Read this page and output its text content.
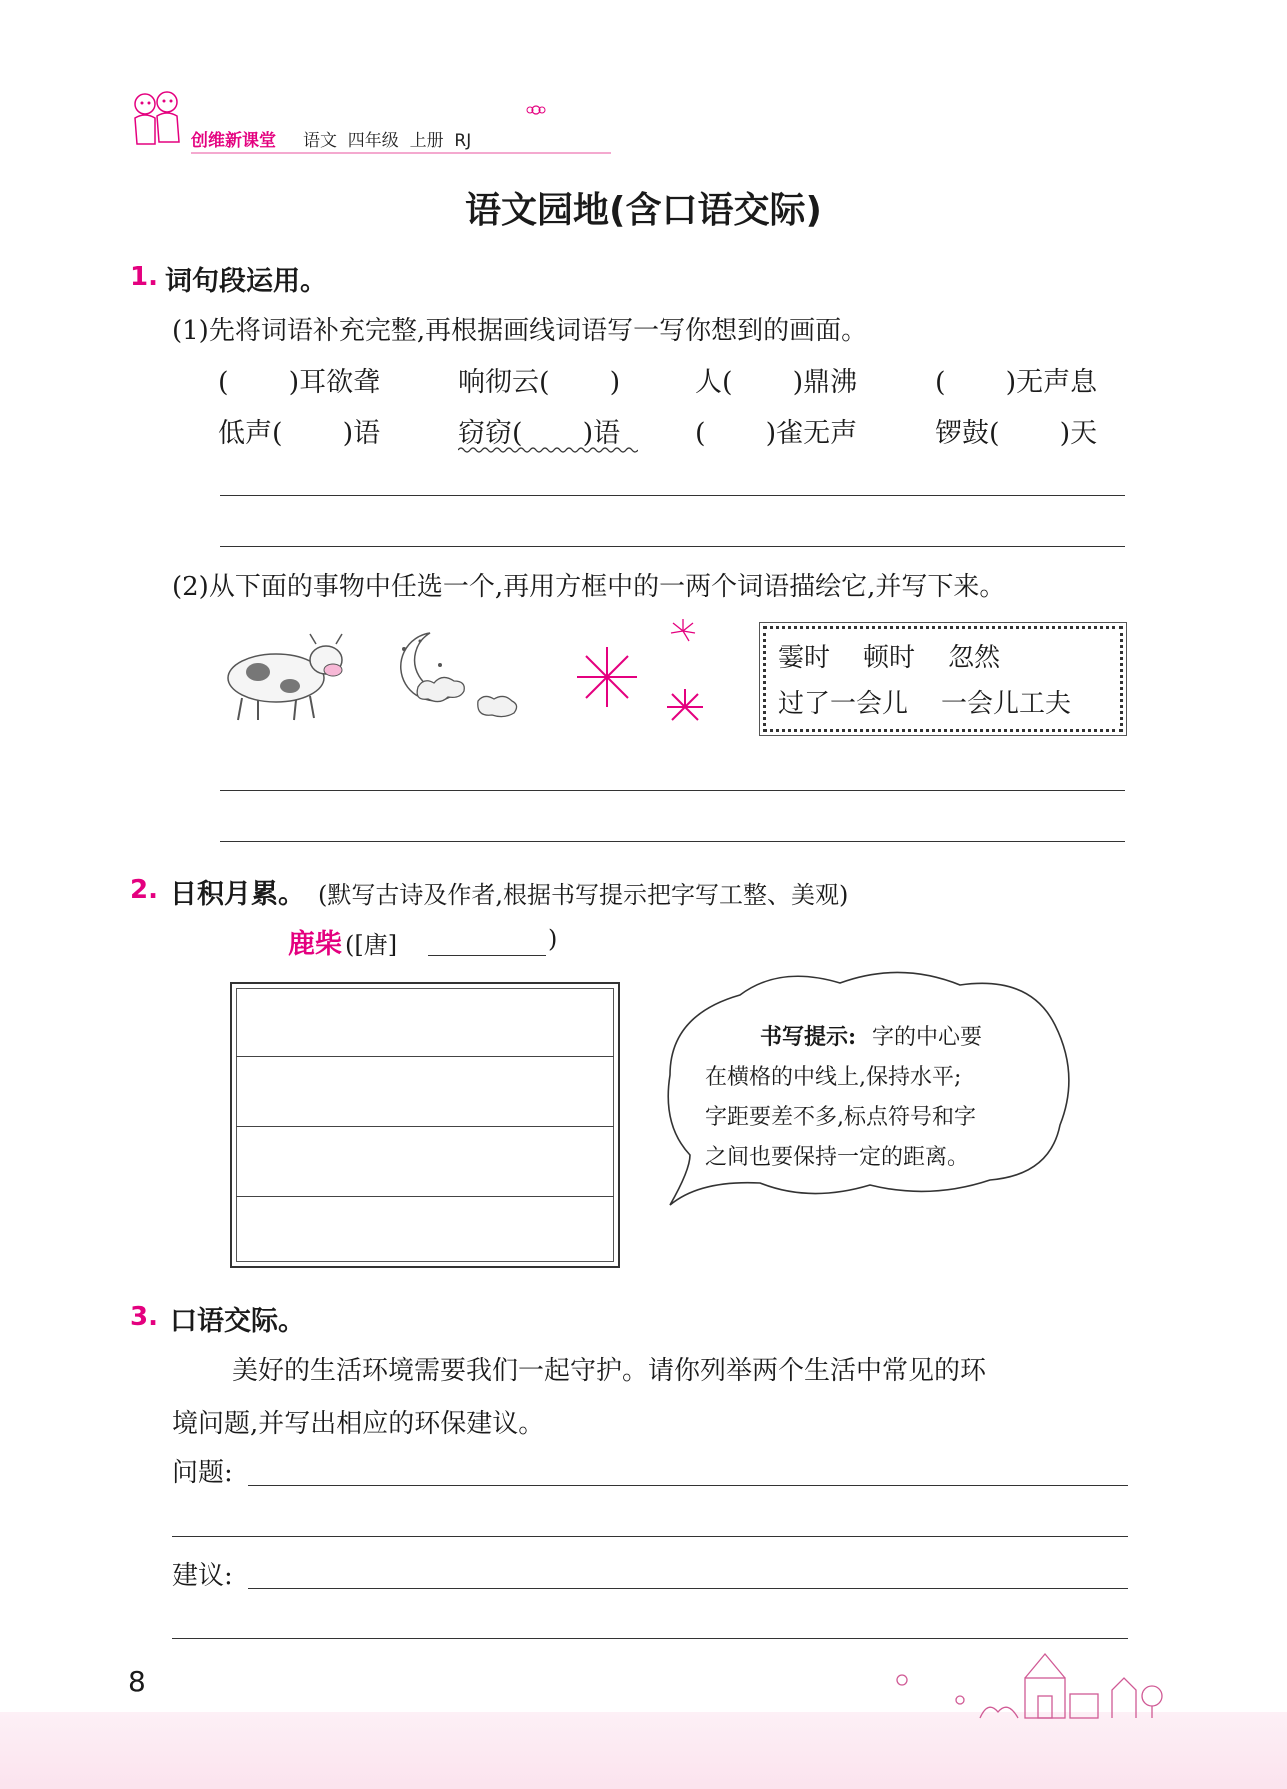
创维新课堂 语文  四年级  上册  RJ
语文园地(含口语交际)
1. 词句段运用。
(1)先将词语补充完整,再根据画线词语写一写你想到的画面。
(       )耳欲聋	响彻云(       )	人(       )鼎沸	(       )无声息
低声(       )语	窃窃(       )语	(       )雀无声	锣鼓(       )天
(2)从下面的事物中任选一个,再用方框中的一两个词语描绘它,并写下来。
霎时    顿时    忽然
过了一会儿    一会儿工夫
2. 日积月累。 (默写古诗及作者,根据书写提示把字写工整、美观)
鹿柴 ([唐]	)
书写提示: 字的中心要
在横格的中线上,保持水平;
字距要差不多,标点符号和字
之间也要保持一定的距离。
3. 口语交际。
美好的生活环境需要我们一起守护。请你列举两个生活中常见的环
境问题,并写出相应的环保建议。
问题:
建议:
8
